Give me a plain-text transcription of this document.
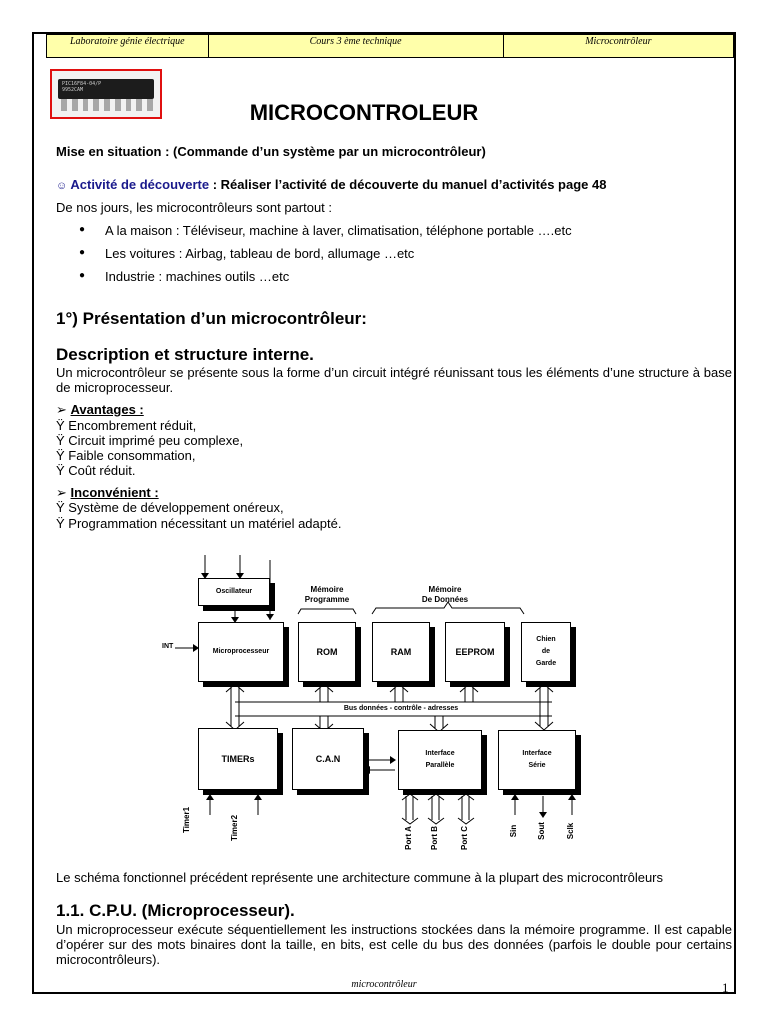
Laboratoire génie électrique	Cours 3 ème technique	Microcontrôleur
PIC16F84-04/P
9952CAM
MICROCONTROLEUR
Mise en situation : (Commande d’un système par un microcontrôleur)
☺ Activité de découverte : Réaliser l’activité de découverte du manuel d’activités page 48
De nos jours, les microcontrôleurs sont partout :
● A la maison : Téléviseur, machine à laver, climatisation, téléphone portable ….etc
● Les voitures : Airbag, tableau de bord, allumage …etc
● Industrie : machines outils …etc
1°) Présentation d’un microcontrôleur:
Description et structure interne.
Un microcontrôleur se présente sous la forme d’un circuit intégré réunissant tous les éléments d’une structure à base de microprocesseur.
➢ Avantages :
Ÿ Encombrement réduit,
Ÿ Circuit imprimé peu complexe,
Ÿ Faible consommation,
Ÿ Coût réduit.
➢ Inconvénient :
Ÿ Système de développement onéreux,
Ÿ Programmation nécessitant un matériel adapté.
Oscillateur
Microprocesseur	ROM	RAM	EEPROM
Chien
de
Garde
Mémoire
Programme
Mémoire
De Données
Bus données - contrôle - adresses
INT
TIMERs	C.A.N
Interface
Parallèle
Interface
Série
Timer1	Timer2	Port A Port B	Port C	Sin Sout	Sclk
Le schéma fonctionnel précédent représente une architecture commune à la plupart des microcontrôleurs
1.1. C.P.U. (Microprocesseur).
Un microprocesseur exécute séquentiellement les instructions stockées dans la mémoire programme. Il est capable d’opérer sur des mots binaires dont la taille, en bits, est celle du bus des données (parfois le double pour certains microcontrôleurs).
microcontrôleur	1
